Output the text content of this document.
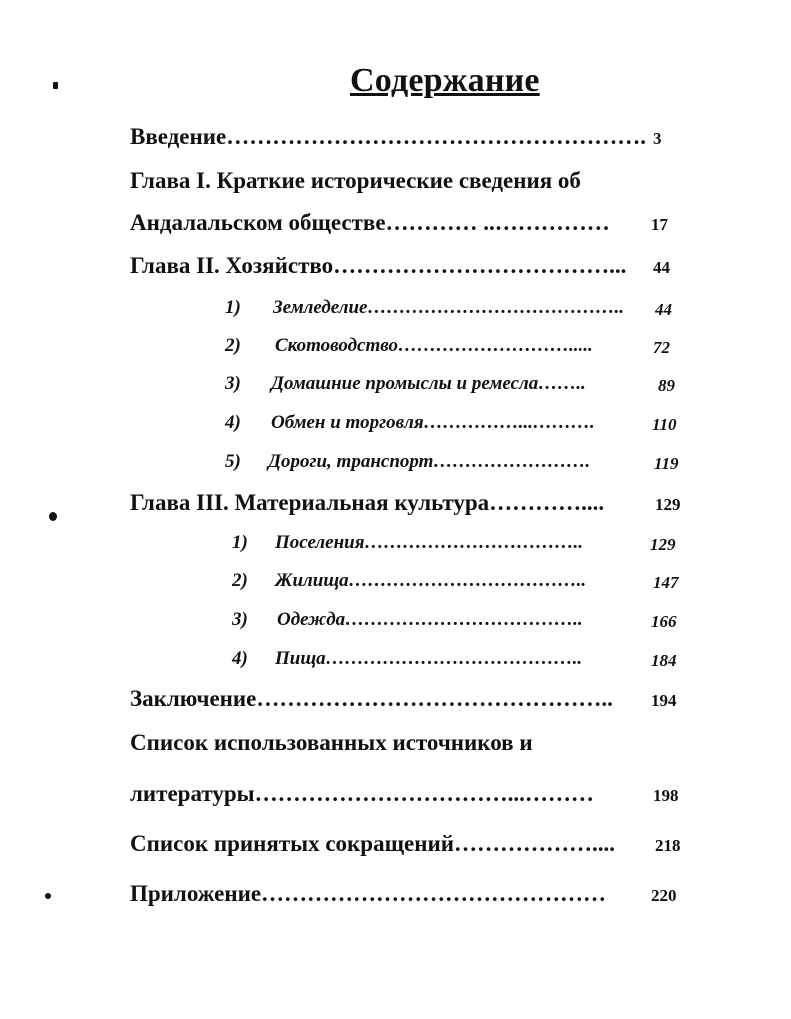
Содержание
Введение………………………………………………. 3
Глава I. Краткие исторические сведения об
Андалальском обществе………… ..…………… 17
Глава II. Хозяйство………………………………... 44
1) Земледелие………………………………….. 44
2) Скотоводство……………………….....	72
3) Домашние промыслы и ремесла……..	89
4) Обмен и торговля……………...……….	110
5) Дороги, транспорт…………………….	119
Глава III. Материальная культура…………....	129
1) Поселения……………………………..	129
2) Жилища………………………………..	147
3) Одежда………………………………..	166
4) Пища…………………………………..	184
Заключение……………………………………….. 194
Список использованных источников и
литературы……………………………...………	198
Список принятых сокращений……………….... 218
Приложение………………………………………	220
